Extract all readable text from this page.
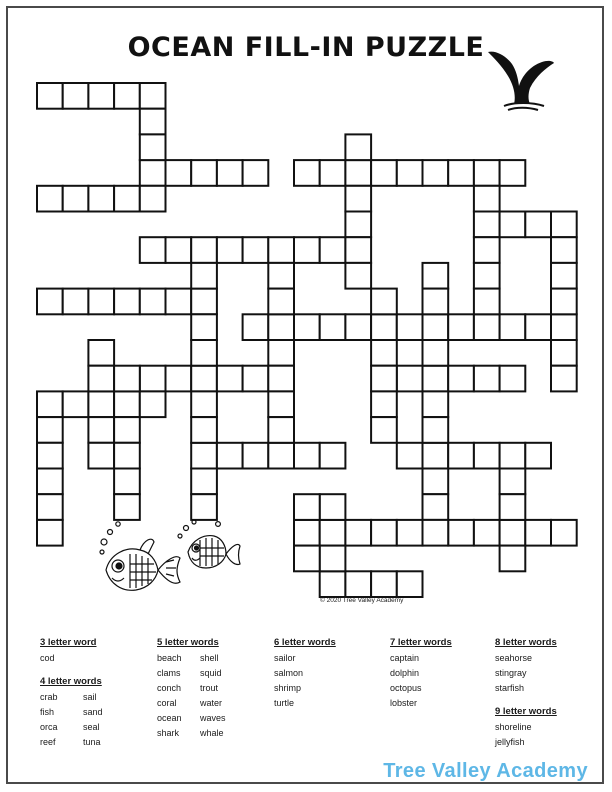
OCEAN FILL-IN PUZZLE
© 2020 Tree Valley Academy
3 letter word
cod
4 letter words
crab	sail
fish	sand
orca	seal
reef	tuna
5 letter words
beach	shell
clams	squid
conch	trout
coral	water
ocean	waves
shark	whale
6 letter words
sailor
salmon
shrimp
turtle
7 letter words
captain
dolphin
octopus
lobster
8 letter words
seahorse
stingray
starfish
9 letter words
shoreline
jellyfish
Tree Valley Academy
